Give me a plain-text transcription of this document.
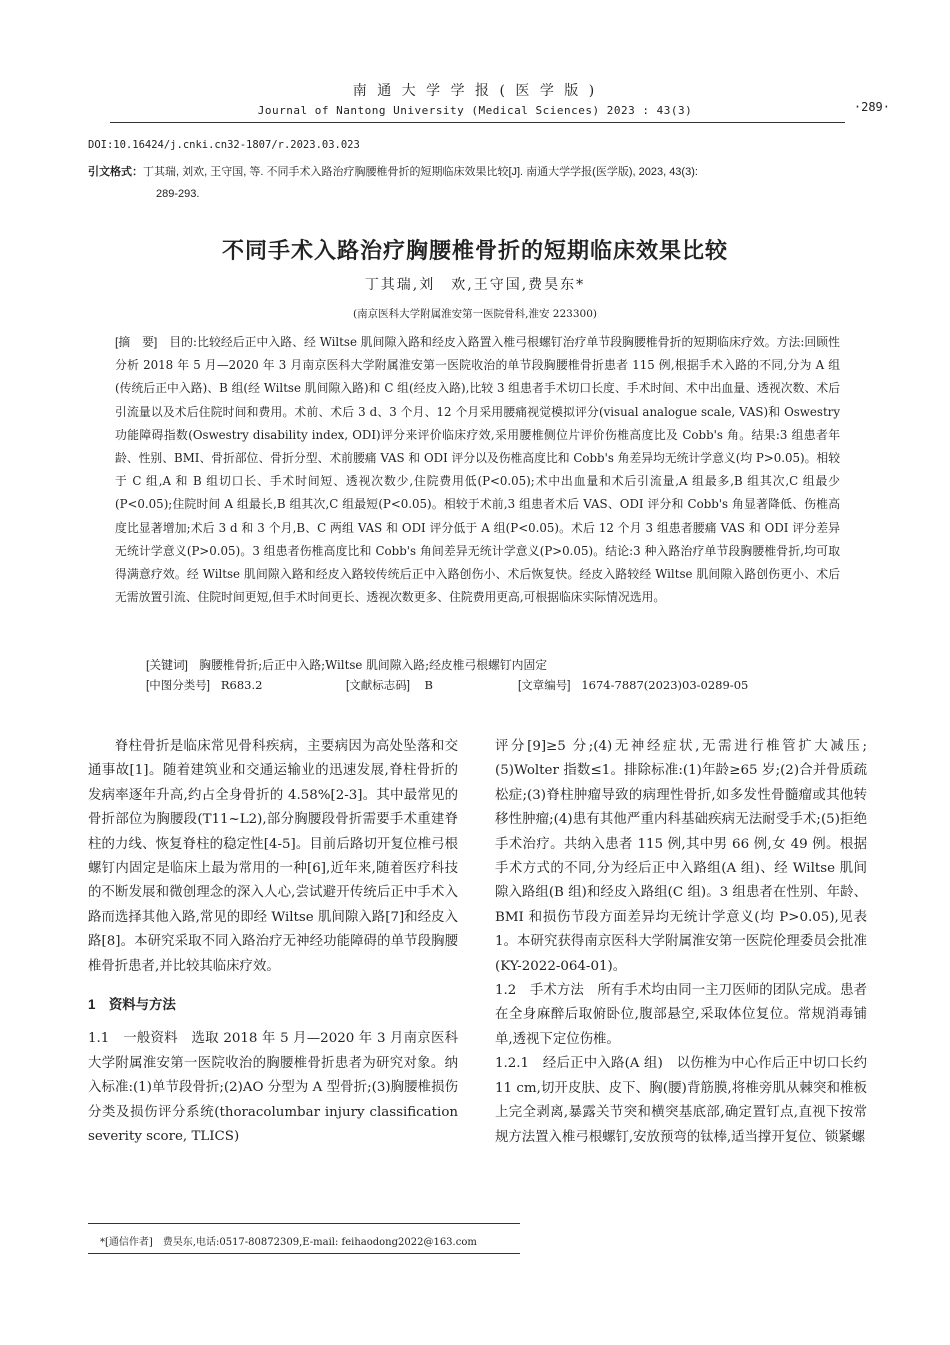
南 通 大 学 学 报 ( 医 学 版 )
Journal of Nantong University (Medical Sciences) 2023 : 43(3)	·289·
DOI:10.16424/j.cnki.cn32-1807/r.2023.03.023
引文格式：丁其瑞, 刘欢, 王守国, 等. 不同手术入路治疗胸腰椎骨折的短期临床效果比较[J]. 南通大学学报(医学版), 2023, 43(3):
289-293.
不同手术入路治疗胸腰椎骨折的短期临床效果比较
丁其瑞,刘　欢,王守国,费昊东*
(南京医科大学附属淮安第一医院骨科,淮安 223300)
[摘　要]　目的:比较经后正中入路、经 Wiltse 肌间隙入路和经皮入路置入椎弓根螺钉治疗单节段胸腰椎骨折的短期临床疗效。方法:回顾性分析 2018 年 5 月—2020 年 3 月南京医科大学附属淮安第一医院收治的单节段胸腰椎骨折患者 115 例,根据手术入路的不同,分为 A 组(传统后正中入路)、B 组(经 Wiltse 肌间隙入路)和 C 组(经皮入路),比较 3 组患者手术切口长度、手术时间、术中出血量、透视次数、术后引流量以及术后住院时间和费用。术前、术后 3 d、3 个月、12 个月采用腰痛视觉模拟评分(visual analogue scale, VAS)和 Oswestry 功能障碍指数(Oswestry disability index, ODI)评分来评价临床疗效,采用腰椎侧位片评价伤椎高度比及 Cobb's 角。结果:3 组患者年龄、性别、BMI、骨折部位、骨折分型、术前腰痛 VAS 和 ODI 评分以及伤椎高度比和 Cobb's 角差异均无统计学意义(均 P>0.05)。相较于 C 组,A 和 B 组切口长、手术时间短、透视次数少,住院费用低(P<0.05);术中出血量和术后引流量,A 组最多,B 组其次,C 组最少(P<0.05);住院时间 A 组最长,B 组其次,C 组最短(P<0.05)。相较于术前,3 组患者术后 VAS、ODI 评分和 Cobb's 角显著降低、伤椎高度比显著增加;术后 3 d 和 3 个月,B、C 两组 VAS 和 ODI 评分低于 A 组(P<0.05)。术后 12 个月 3 组患者腰痛 VAS 和 ODI 评分差异无统计学意义(P>0.05)。3 组患者伤椎高度比和 Cobb's 角间差异无统计学意义(P>0.05)。结论:3 种入路治疗单节段胸腰椎骨折,均可取得满意疗效。经 Wiltse 肌间隙入路和经皮入路较传统后正中入路创伤小、术后恢复快。经皮入路较经 Wiltse 肌间隙入路创伤更小、术后无需放置引流、住院时间更短,但手术时间更长、透视次数更多、住院费用更高,可根据临床实际情况选用。
[关键词] 胸腰椎骨折;后正中入路;Wiltse 肌间隙入路;经皮椎弓根螺钉内固定
[中图分类号] R683.2	[文献标志码] B	[文章编号] 1674-7887(2023)03-0289-05

脊柱骨折是临床常见骨科疾病，主要病因为高处坠落和交通事故[1]。随着建筑业和交通运输业的迅速发展,脊柱骨折的发病率逐年升高,约占全身骨折的 4.58%[2-3]。其中最常见的骨折部位为胸腰段(T11~L2),部分胸腰段骨折需要手术重建脊柱的力线、恢复脊柱的稳定性[4-5]。目前后路切开复位椎弓根螺钉内固定是临床上最为常用的一种[6],近年来,随着医疗科技的不断发展和微创理念的深入人心,尝试避开传统后正中手术入路而选择其他入路,常见的即经 Wiltse 肌间隙入路[7]和经皮入路[8]。本研究采取不同入路治疗无神经功能障碍的单节段胸腰椎骨折患者,并比较其临床疗效。

1　资料与方法

1.1　一般资料　选取 2018 年 5 月—2020 年 3 月南京医科大学附属淮安第一医院收治的胸腰椎骨折患者为研究对象。纳入标准:(1)单节段骨折;(2)AO 分型为 A 型骨折;(3)胸腰椎损伤分类及损伤评分系统(thoracolumbar injury classification severity score, TLICS)

评分[9]≥5 分;(4)无神经症状,无需进行椎管扩大减压;(5)Wolter 指数≤1。排除标准:(1)年龄≥65 岁;(2)合并骨质疏松症;(3)脊柱肿瘤导致的病理性骨折,如多发性骨髓瘤或其他转移性肿瘤;(4)患有其他严重内科基础疾病无法耐受手术;(5)拒绝手术治疗。共纳入患者 115 例,其中男 66 例,女 49 例。根据手术方式的不同,分为经后正中入路组(A 组)、经 Wiltse 肌间隙入路组(B 组)和经皮入路组(C 组)。3 组患者在性别、年龄、BMI 和损伤节段方面差异均无统计学意义(均 P>0.05),见表 1。本研究获得南京医科大学附属淮安第一医院伦理委员会批准(KY-2022-064-01)。

1.2　手术方法　所有手术均由同一主刀医师的团队完成。患者在全身麻醉后取俯卧位,腹部悬空,采取体位复位。常规消毒铺单,透视下定位伤椎。

1.2.1　经后正中入路(A 组)　以伤椎为中心作后正中切口长约 11 cm,切开皮肤、皮下、胸(腰)背筋膜,将椎旁肌从棘突和椎板上完全剥离,暴露关节突和横突基底部,确定置钉点,直视下按常规方法置入椎弓根螺钉,安放预弯的钛棒,适当撑开复位、锁紧螺

*[通信作者]　费昊东,电话:0517-80872309,E-mail: feihaodong2022@163.com
